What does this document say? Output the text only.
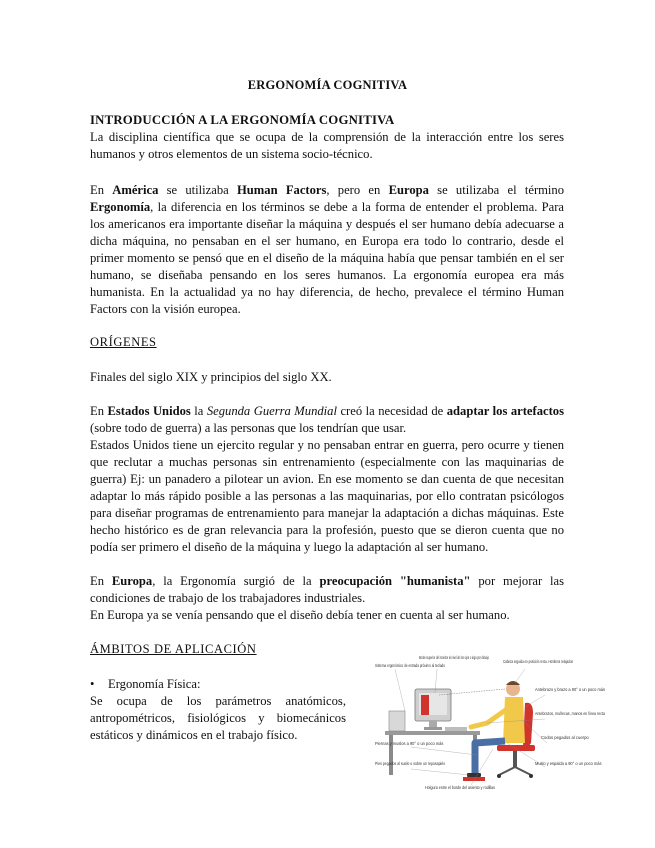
ERGONOMÍA COGNITIVA
INTRODUCCIÓN A LA ERGONOMÍA COGNITIVA
La disciplina científica que se ocupa de la comprensión de la interacción entre los seres humanos y otros elementos de un sistema socio-técnico.
En América se utilizaba Human Factors, pero en Europa se utilizaba el término Ergonomía, la diferencia en los términos se debe a la forma de entender el problema. Para los americanos era importante diseñar la máquina y después el ser humano debía adecuarse a dicha máquina, no pensaban en el ser humano, en Europa era todo lo contrario, desde el primer momento se pensó que en el diseño de la máquina había que pensar también en el ser humano, se diseñaba pensando en los seres humanos. La ergonomía europea era más humanista. En la actualidad ya no hay diferencia, de hecho, prevalece el término Human Factors con la visión europea.
ORÍGENES
Finales del siglo XIX y principios del siglo XX.
En Estados Unidos la Segunda Guerra Mundial creó la necesidad de adaptar los artefactos (sobre todo de guerra) a las personas que los tendrían que usar.
Estados Unidos tiene un ejercito regular y no pensaban entrar en guerra, pero ocurre y tienen que reclutar a muchas personas sin entrenamiento (especialmente con las maquinarias de guerra) Ej: un panadero a pilotear un avion. En ese momento se dan cuenta de que necesitan adaptar lo más rápido posible a las personas a las maquinarias, por ello contratan psicólogos para diseñar programas de entrenamiento para manejar la adaptación a dichas máquinas. Este hecho histórico es de gran relevancia para la profesión, puesto que se dieron cuenta que no podía ser primero el diseño de la máquina y luego la adaptación al ser humano.
En Europa, la Ergonomía surgió de la preocupación "humanista" por mejorar las condiciones de trabajo de los trabajadores industriales.
En Europa ya se venía pensando que el diseño debía tener en cuenta al ser humano.
ÁMBITOS DE APLICACIÓN
• Ergonomía Física:
Se ocupa de los parámetros anatómicos, antropométricos, fisiológicos y biomecánicos estáticos y dinámicos en el trabajo físico.
Borde superior del monitor al nivel de los ojos o algo por debajo
Sistema ergonómico de entrada próximo al teclado
Cabeza erguida en posición recta. Hombros relajados
Antebrazo y brazo a 90° o un poco más
Antebrazos, muñecas, manos en línea recta
Codos pegados al cuerpo
Piernas y muslos a 90° o un poco más
Pies pegados al suelo o sobre un reposapiés	Muslo y espalda a 90° o un poco más
Holgura entre el borde del asiento y rodillas
